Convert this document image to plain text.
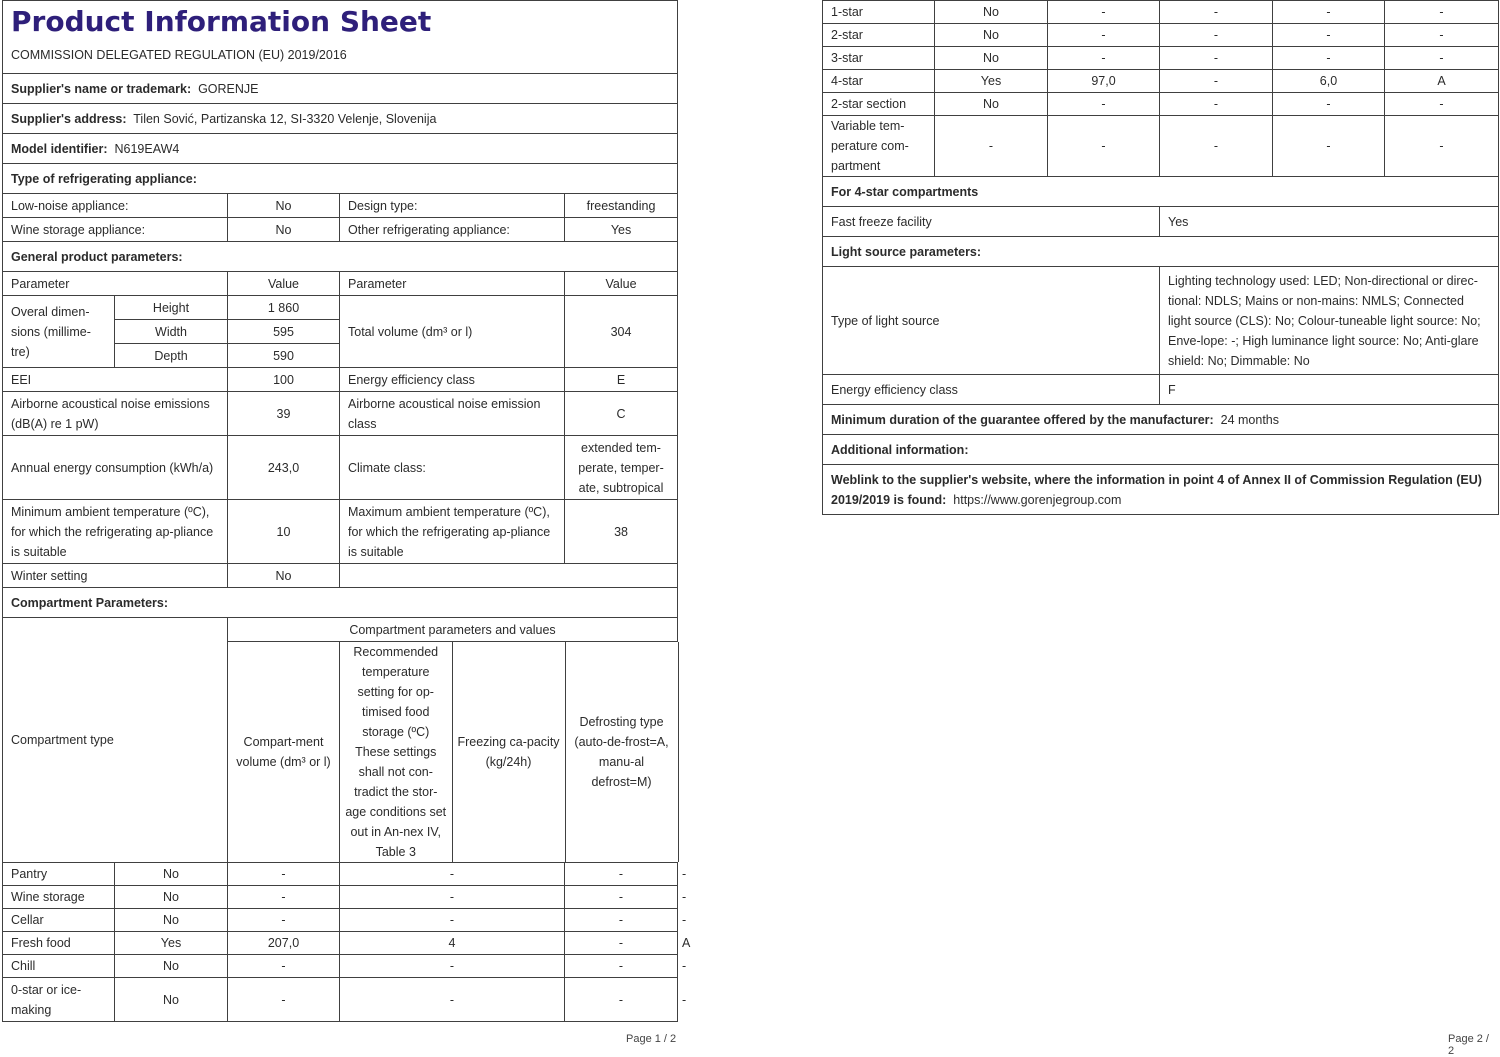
Product Information Sheet
COMMISSION DELEGATED REGULATION (EU) 2019/2016

Supplier's name or trademark: GORENJE
Supplier's address: Tilen Sović, Partizanska 12, SI-3320 Velenje, Slovenija
Model identifier: N619EAW4
Type of refrigerating appliance:
Low-noise appliance:	No	Design type:	freestanding
Wine storage appliance:	No	Other refrigerating appliance:	Yes
General product parameters:
Parameter	Value	Parameter	Value
Overal dimen-sions (millime-tre)	Height	1 860	Total volume (dm³ or l)	304
Width	595
Depth	590
EEI	100	Energy efficiency class	E
Airborne acoustical noise emissions (dB(A) re 1 pW)	39	Airborne acoustical noise emission class	C
Annual energy consumption (kWh/a)	243,0	Climate class:	extended tem-perate, temper-ate, subtropical
Minimum ambient temperature (ºC), for which the refrigerating ap-pliance is suitable	10	Maximum ambient temperature (ºC), for which the refrigerating ap-pliance is suitable	38
Winter setting	No	
Compartment Parameters:
Compartment type	Compartment parameters and values
Compart-ment volume (dm³ or l)	
Recommended temperature setting for op-timised food storage (ºC) These settings shall not con-tradict the stor-age conditions set out in An-nex IV, Table 3	Freezing ca-pacity (kg/24h)	Defrosting type (auto-de-frost=A, manu-al defrost=M)

Pantry	No	-	-	-	-
Wine storage	No	-	-	-	-
Cellar	No	-	-	-	-
Fresh food	Yes	207,0	4	-	A
Chill	No	-	-	-	-
0-star or ice-making	No	-	-	-	-
Page 1 / 2
1-star	No	-	-	-	-
2-star	No	-	-	-	-
3-star	No	-	-	-	-
4-star	Yes	97,0	-	6,0	A
2-star section	No	-	-	-	-
Variable tem-perature com-partment	-	-	-	-	-
For 4-star compartments					
Fast freeze facility			Yes		
Light source parameters:					
Type of light source			Lighting technology used: LED; Non-directional or direc-tional: NDLS; Mains or non-mains: NMLS; Connected light source (CLS): No; Colour-tuneable light source: No; Enve-lope: -; High luminance light source: No; Anti-glare shield: No; Dimmable: No		
Energy efficiency class			F		
Minimum duration of the guarantee offered by the manufacturer: 24 months					
Additional information:					
Weblink to the supplier's website, where the information in point 4 of Annex II of Commission Regulation (EU) 2019/2019 is found: https://www.gorenjegroup.com					
Page 2 / 2
